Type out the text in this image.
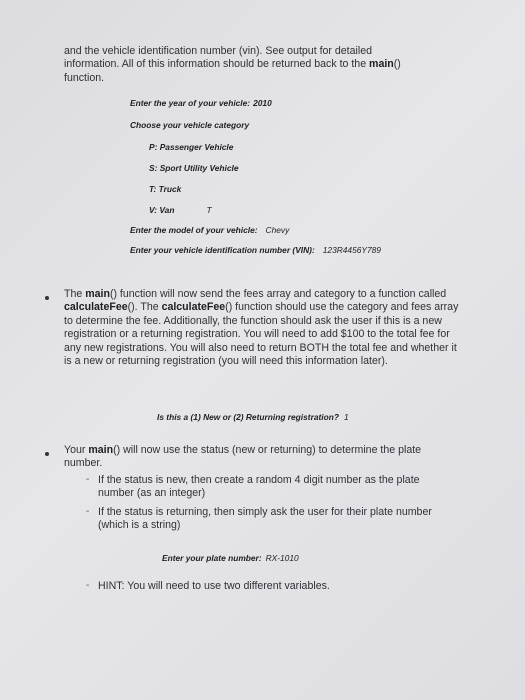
and the vehicle identification number (vin). See output for detailed
information. All of this information should be returned back to the main()
function.
Enter the year of your vehicle: 2010
Choose your vehicle category
P: Passenger Vehicle
S: Sport Utility Vehicle
T: Truck
V: Van	T
Enter the model of your vehicle: Chevy
Enter your vehicle identification number (VIN): 123R4456Y789
The main() function will now send the fees array and category to a function called calculateFee(). The calculateFee() function should use the category and fees array to determine the fee. Additionally, the function should ask the user if this is a new registration or a returning registration. You will need to add $100 to the total fee for any new registrations. You will also need to return BOTH the total fee and whether it is a new or returning registration (you will need this information later).
Is this a (1) New or (2) Returning registration? 1
Your main() will now use the status (new or returning) to determine the plate number.
- If the status is new, then create a random 4 digit number as the plate number (as an integer)
- If the status is returning, then simply ask the user for their plate number (which is a string)
Enter your plate number: RX-1010
- HINT: You will need to use two different variables.
